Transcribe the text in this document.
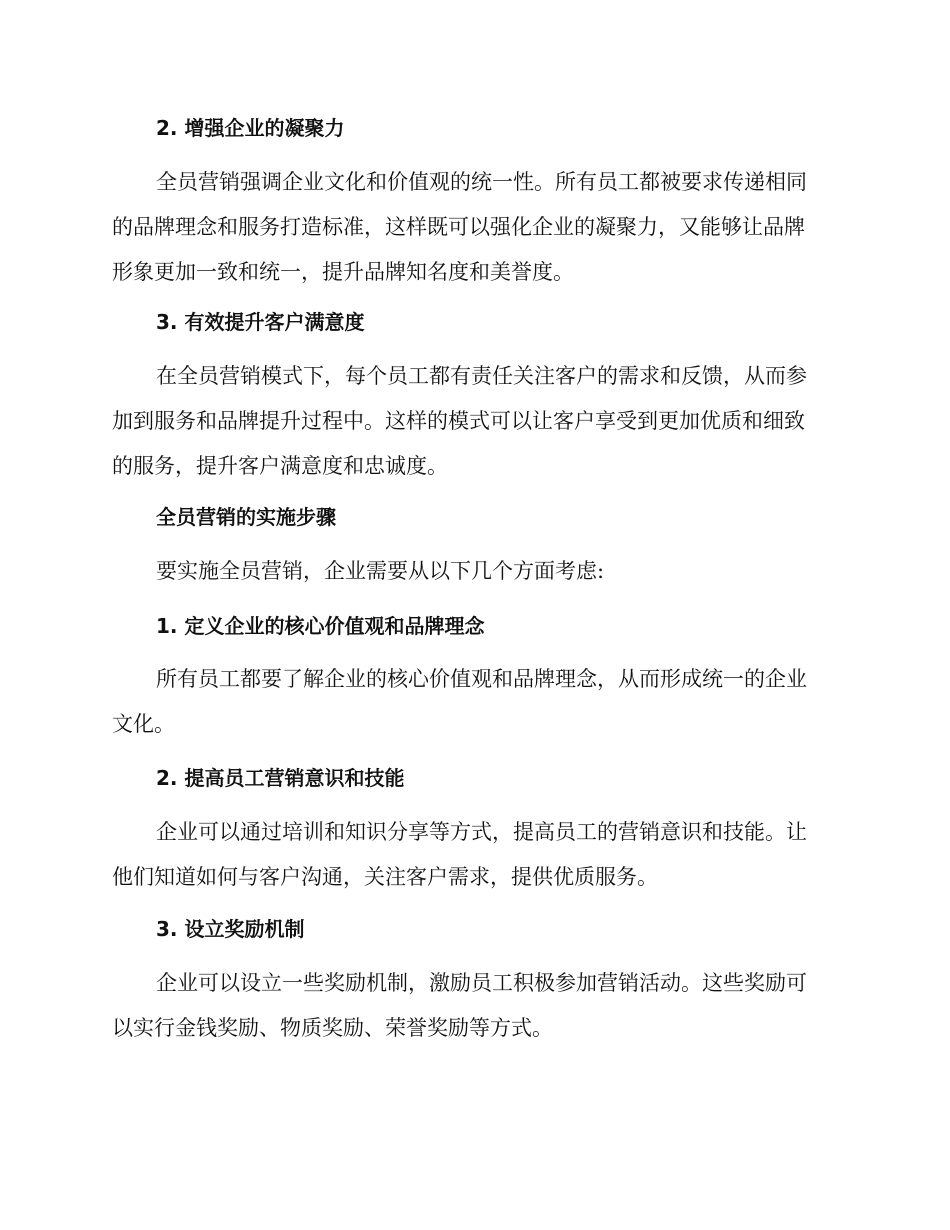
2. 增强企业的凝聚力
全员营销强调企业文化和价值观的统一性。所有员工都被要求传递相同
的品牌理念和服务打造标准，这样既可以强化企业的凝聚力，又能够让品牌
形象更加一致和统一，提升品牌知名度和美誉度。
3. 有效提升客户满意度
在全员营销模式下，每个员工都有责任关注客户的需求和反馈，从而参
加到服务和品牌提升过程中。这样的模式可以让客户享受到更加优质和细致
的服务，提升客户满意度和忠诚度。
全员营销的实施步骤
要实施全员营销，企业需要从以下几个方面考虑:
1. 定义企业的核心价值观和品牌理念
所有员工都要了解企业的核心价值观和品牌理念，从而形成统一的企业
文化。
2. 提高员工营销意识和技能
企业可以通过培训和知识分享等方式，提高员工的营销意识和技能。让
他们知道如何与客户沟通，关注客户需求，提供优质服务。
3. 设立奖励机制
企业可以设立一些奖励机制，激励员工积极参加营销活动。这些奖励可
以实行金钱奖励、物质奖励、荣誉奖励等方式。
